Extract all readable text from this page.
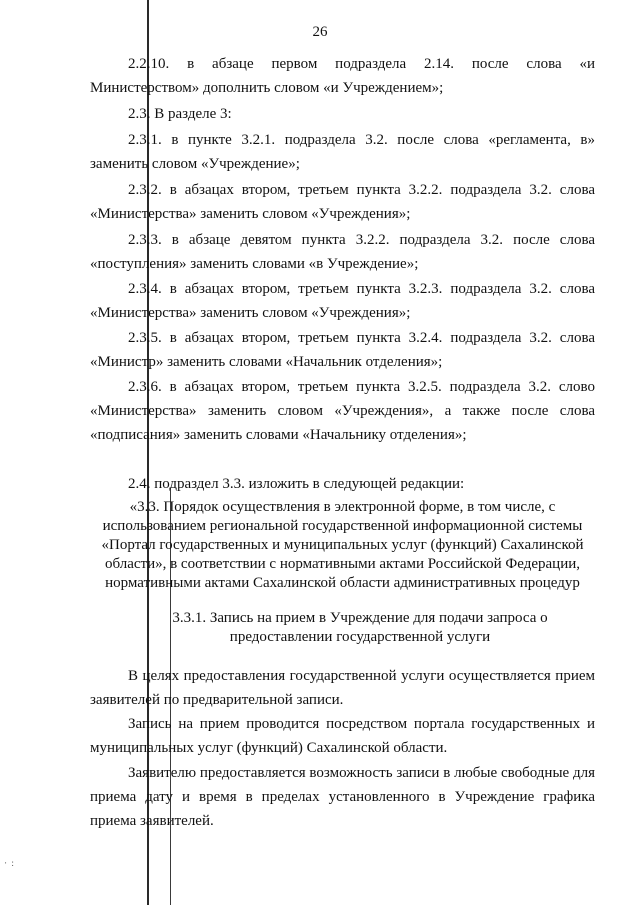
26

2.2.10. в абзаце первом подраздела 2.14. после слова «и Министерством» дополнить словом «и Учреждением»;

2.3. В разделе 3:

2.3.1. в пункте 3.2.1. подраздела 3.2. после слова «регламента, в» заменить словом «Учреждение»;

2.3.2. в абзацах втором, третьем пункта 3.2.2. подраздела 3.2. слова «Министерства» заменить словом «Учреждения»;

2.3.3. в абзаце девятом пункта 3.2.2. подраздела 3.2. после слова «поступления» заменить словами «в Учреждение»;

2.3.4. в абзацах втором, третьем пункта 3.2.3. подраздела 3.2. слова «Министерства» заменить словом «Учреждения»;

2.3.5. в абзацах втором, третьем пункта 3.2.4. подраздела 3.2. слова «Министр» заменить словами «Начальник отделения»;

2.3.6. в абзацах втором, третьем пункта 3.2.5. подраздела 3.2. слово «Министерства» заменить словом «Учреждения», а также после слова «подписания» заменить словами «Начальнику отделения»;

2.4. подраздел 3.3. изложить в следующей редакции:

«3.3. Порядок осуществления в электронной форме, в том числе, с
использованием региональной государственной информационной системы
«Портал государственных и муниципальных услуг (функций) Сахалинской
области», в соответствии с нормативными актами Российской Федерации,
нормативными актами Сахалинской области административных процедур
3.3.1. Запись на прием в Учреждение для подачи запроса о
предоставлении государственной услуги

В целях предоставления государственной услуги осуществляется прием заявителей по предварительной записи.

Запись на прием проводится посредством портала государственных и муниципальных услуг (функций) Сахалинской области.

Заявителю предоставляется возможность записи в любые свободные для приема дату и время в пределах установленного в Учреждение графика приема заявителей.

⋅ :
